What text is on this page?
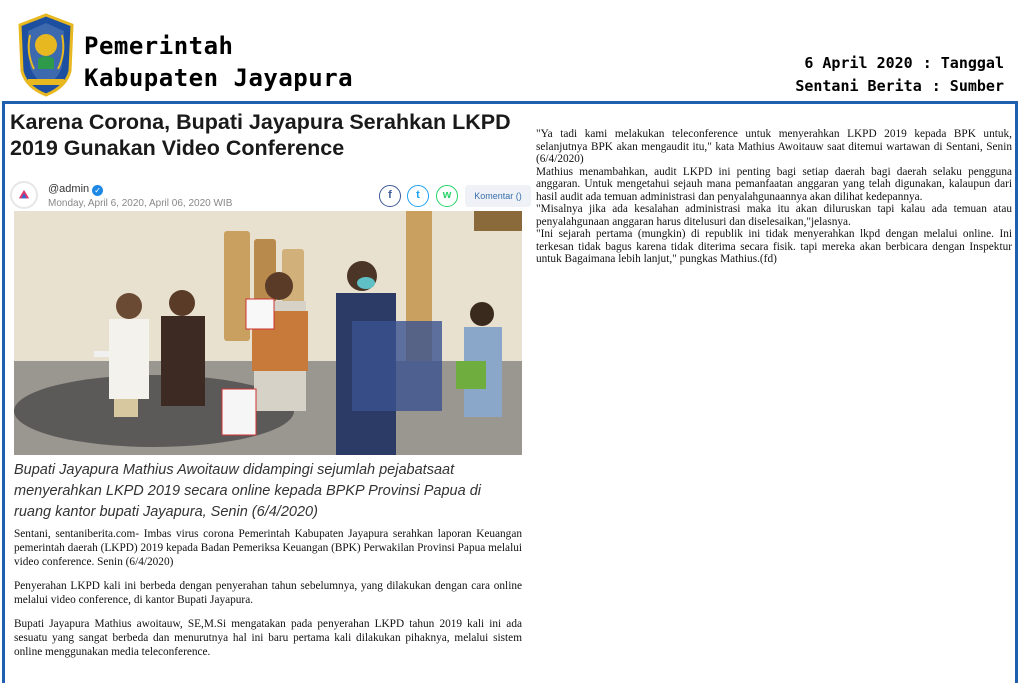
Pemerintah
Kabupaten Jayapura
6 April 2020 : Tanggal
Sentani Berita : Sumber
Karena Corona, Bupati Jayapura Serahkan LKPD 2019 Gunakan Video Conference
@admin ✓
Monday, April 6, 2020, April 06, 2020 WIB
f	t	w	Komentar ()
Bupati Jayapura Mathius Awoitauw didampingi sejumlah pejabatsaat menyerahkan LKPD 2019 secara online kepada BPKP Provinsi Papua di ruang kantor bupati Jayapura, Senin (6/4/2020)

Sentani, sentaniberita.com- Imbas virus corona Pemerintah Kabupaten Jayapura serahkan laporan Keuangan pemerintah daerah (LKPD) 2019 kepada Badan Pemeriksa Keuangan (BPK) Perwakilan Provinsi Papua melalui video conference. Senin (6/4/2020)

Penyerahan LKPD kali ini berbeda dengan penyerahan tahun sebelumnya, yang dilakukan dengan cara online melalui video conference, di kantor Bupati Jayapura.

Bupati Jayapura Mathius awoitauw, SE,M.Si mengatakan pada penyerahan LKPD tahun 2019 kali ini ada sesuatu yang sangat berbeda dan menurutnya hal ini baru pertama kali dilakukan pihaknya, melalui sistem online menggunakan media teleconference.

"Ya tadi kami melakukan teleconference untuk menyerahkan LKPD 2019 kepada BPK untuk, selanjutnya BPK akan mengaudit itu," kata Mathius Awoitauw saat ditemui wartawan di Sentani, Senin (6/4/2020)

Mathius menambahkan, audit LKPD ini penting bagi setiap daerah bagi daerah selaku pengguna anggaran. Untuk mengetahui sejauh mana pemanfaatan anggaran yang telah digunakan, kalaupun dari hasil audit ada temuan administrasi dan penyalahgunaannya akan dilihat kedepannya.

"Misalnya jika ada kesalahan administrasi maka itu akan diluruskan tapi kalau ada temuan atau penyalahgunaan anggaran harus ditelusuri dan diselesaikan,"jelasnya.

"Ini sejarah pertama (mungkin) di republik ini tidak menyerahkan lkpd dengan melalui online. Ini terkesan tidak bagus karena tidak diterima secara fisik. tapi mereka akan berbicara dengan Inspektur untuk Bagaimana lebih lanjut," pungkas Mathius.(fd)
